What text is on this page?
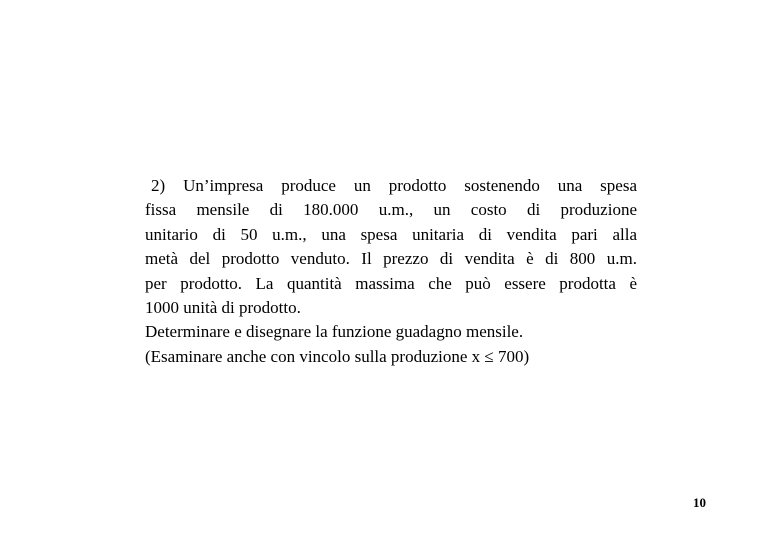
2) Un’impresa produce un prodotto sostenendo una spesa
fissa mensile di 180.000 u.m., un costo di produzione
unitario di 50 u.m., una spesa unitaria di vendita pari alla
metà del prodotto venduto. Il prezzo di vendita è di 800 u.m.
per prodotto. La quantità massima che può essere prodotta è
1000 unità di prodotto.
Determinare e disegnare la funzione guadagno mensile.
(Esaminare anche con vincolo sulla produzione x ≤ 700)
10
